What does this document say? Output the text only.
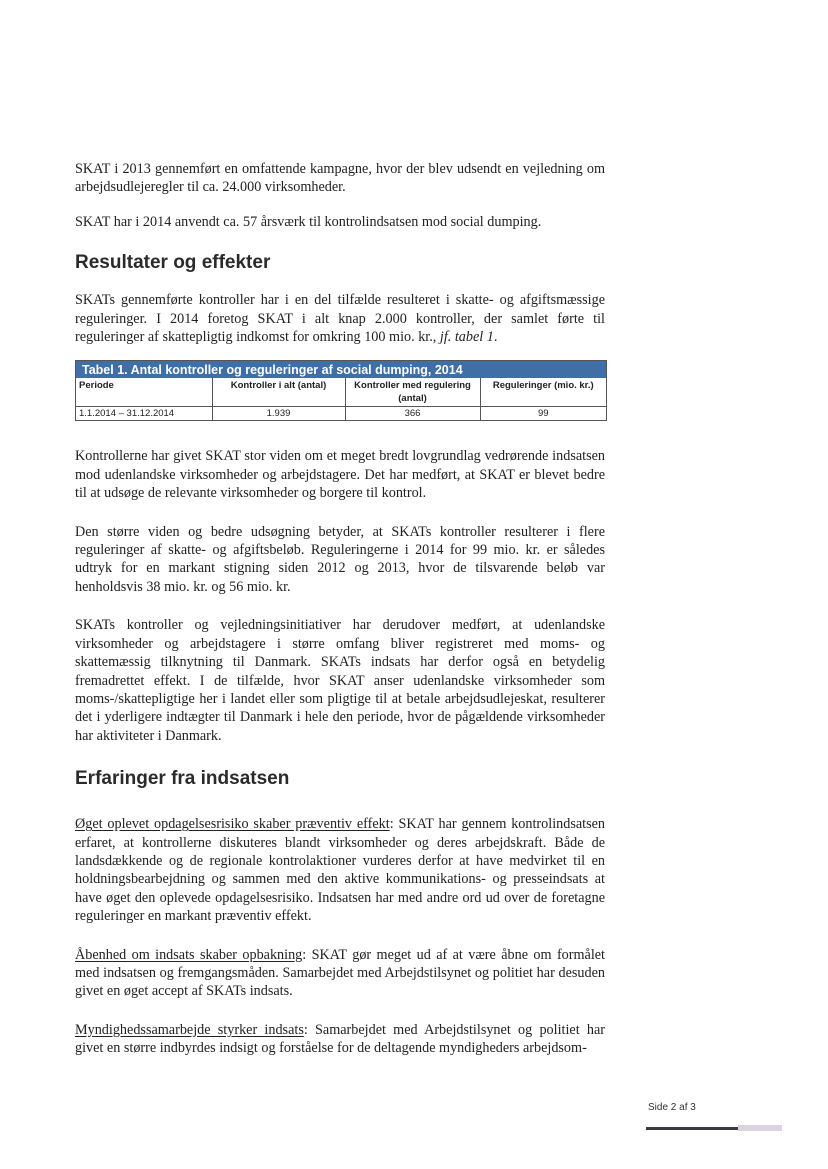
SKAT i 2013 gennemført en omfattende kampagne, hvor der blev udsendt en vejledning om arbejdsudlejeregler til ca. 24.000 virksomheder.

SKAT har i 2014 anvendt ca. 57 årsværk til kontrolindsatsen mod social dumping.

Resultater og effekter

SKATs gennemførte kontroller har i en del tilfælde resulteret i skatte- og afgiftsmæssige reguleringer. I 2014 foretog SKAT i alt knap 2.000 kontroller, der samlet førte til reguleringer af skattepligtig indkomst for omkring 100 mio. kr., jf. tabel 1.

Tabel 1. Antal kontroller og reguleringer af social dumping, 2014
Periode	Kontroller i alt (antal)	Kontroller med regulering (antal)	Reguleringer (mio. kr.)
1.1.2014 – 31.12.2014	1.939	366	99

Kontrollerne har givet SKAT stor viden om et meget bredt lovgrundlag vedrørende indsatsen mod udenlandske virksomheder og arbejdstagere. Det har medført, at SKAT er blevet bedre til at udsøge de relevante virksomheder og borgere til kontrol.

Den større viden og bedre udsøgning betyder, at SKATs kontroller resulterer i flere reguleringer af skatte- og afgiftsbeløb. Reguleringerne i 2014 for 99 mio. kr. er således udtryk for en markant stigning siden 2012 og 2013, hvor de tilsvarende beløb var henholdsvis 38 mio. kr. og 56 mio. kr.

SKATs kontroller og vejledningsinitiativer har derudover medført, at udenlandske virksomheder og arbejdstagere i større omfang bliver registreret med moms- og skattemæssig tilknytning til Danmark. SKATs indsats har derfor også en betydelig fremadrettet effekt. I de tilfælde, hvor SKAT anser udenlandske virksomheder som moms-/skattepligtige her i landet eller som pligtige til at betale arbejdsudlejeskat, resulterer det i yderligere indtægter til Danmark i hele den periode, hvor de pågældende virksomheder har aktiviteter i Danmark.

Erfaringer fra indsatsen

Øget oplevet opdagelsesrisiko skaber præventiv effekt: SKAT har gennem kontrolindsatsen erfaret, at kontrollerne diskuteres blandt virksomheder og deres arbejdskraft. Både de landsdækkende og de regionale kontrolaktioner vurderes derfor at have medvirket til en holdningsbearbejdning og sammen med den aktive kommunikations- og presseindsats at have øget den oplevede opdagelsesrisiko. Indsatsen har med andre ord ud over de foretagne reguleringer en markant præventiv effekt.

Åbenhed om indsats skaber opbakning: SKAT gør meget ud af at være åbne om formålet med indsatsen og fremgangsmåden. Samarbejdet med Arbejdstilsynet og politiet har desuden givet en øget accept af SKATs indsats.

Myndighedssamarbejde styrker indsats: Samarbejdet med Arbejdstilsynet og politiet har givet en større indbyrdes indsigt og forståelse for de deltagende myndigheders arbejdsom-

Side 2 af 3
